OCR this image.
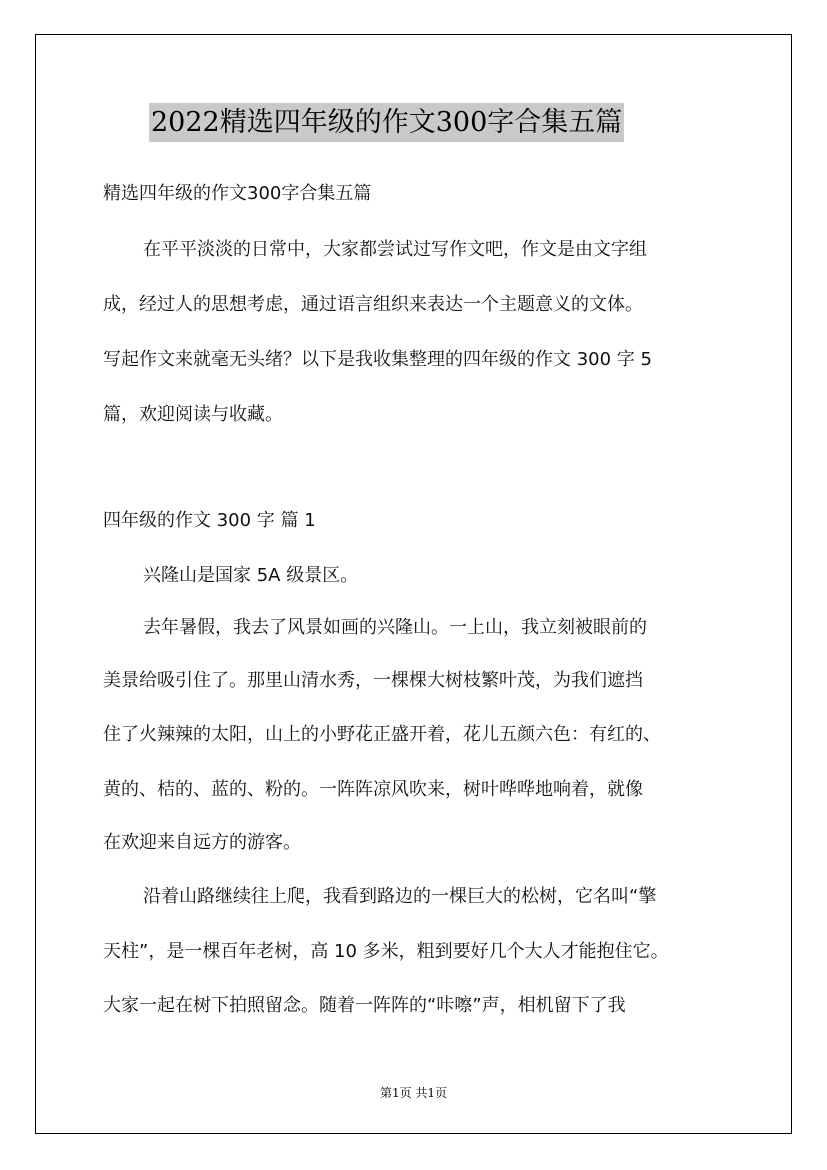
2022精选四年级的作文300字合集五篇
精选四年级的作文300字合集五篇
在平平淡淡的日常中，大家都尝试过写作文吧，作文是由文字组
成，经过人的思想考虑，通过语言组织来表达一个主题意义的文体。
写起作文来就毫无头绪？以下是我收集整理的四年级的作文 300 字 5
篇，欢迎阅读与收藏。
四年级的作文 300 字 篇 1
兴隆山是国家 5A 级景区。
去年暑假，我去了风景如画的兴隆山。一上山，我立刻被眼前的
美景给吸引住了。那里山清水秀，一棵棵大树枝繁叶茂，为我们遮挡
住了火辣辣的太阳，山上的小野花正盛开着，花儿五颜六色：有红的、
黄的、桔的、蓝的、粉的。一阵阵凉风吹来，树叶哗哗地响着，就像
在欢迎来自远方的游客。
沿着山路继续往上爬，我看到路边的一棵巨大的松树，它名叫“擎
天柱”，是一棵百年老树，高 10 多米，粗到要好几个大人才能抱住它。
大家一起在树下拍照留念。随着一阵阵的“咔嚓”声，相机留下了我
第1页 共1页
